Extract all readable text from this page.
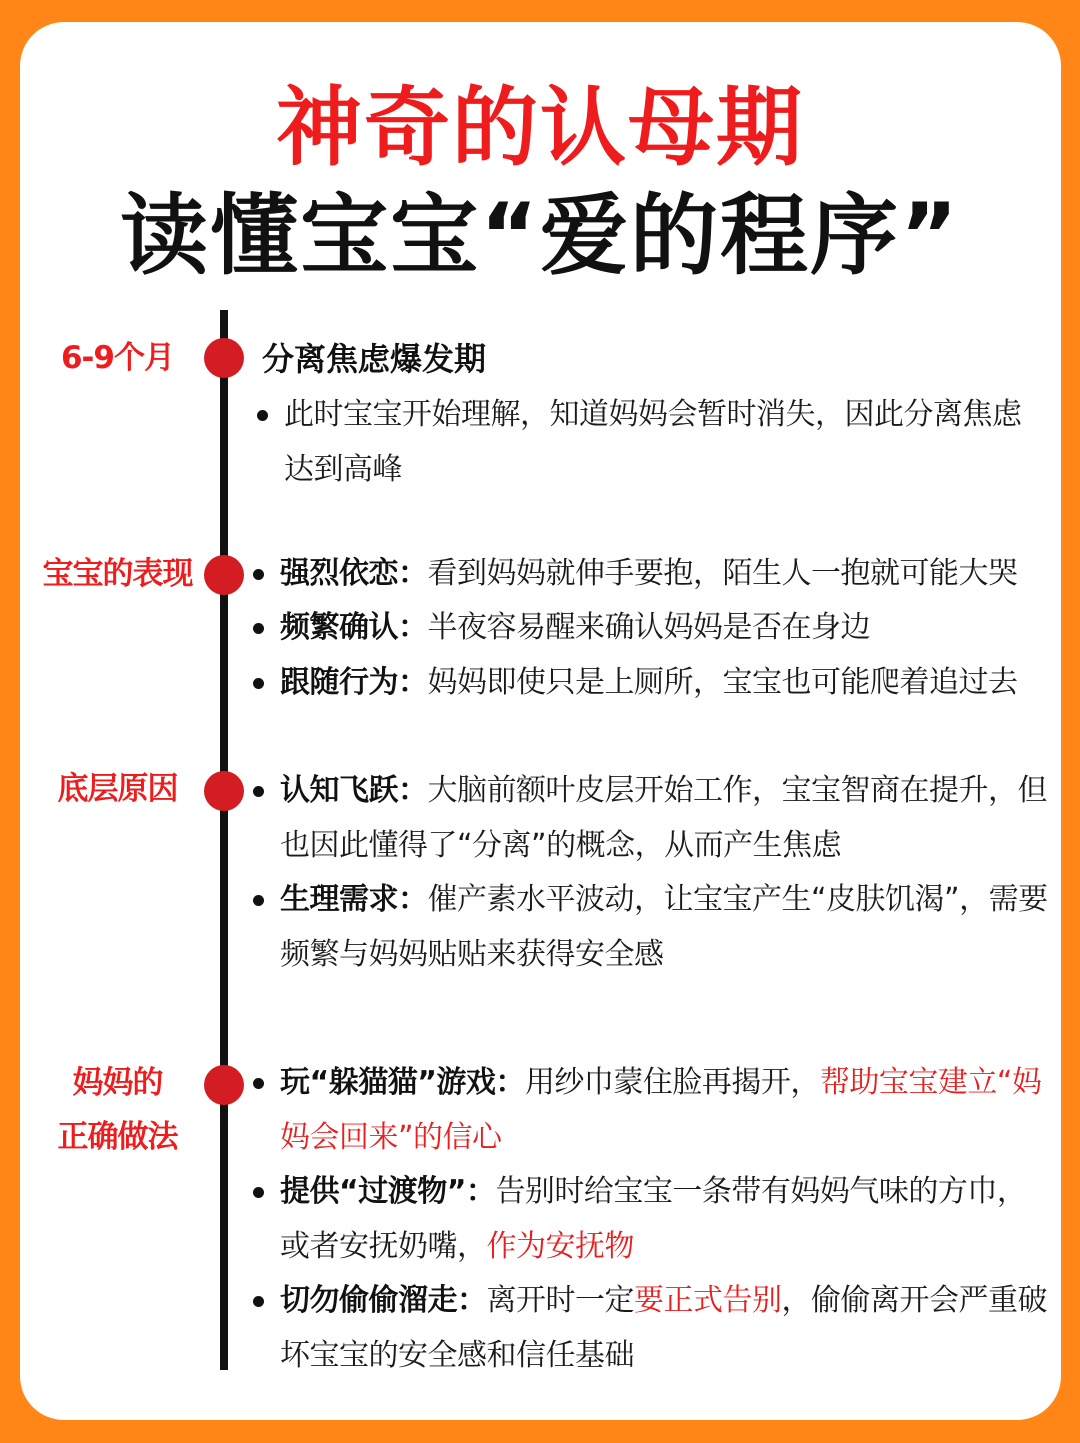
神奇的认母期
读懂宝宝“爱的程序”
6-9个月	分离焦虑爆发期
此时宝宝开始理解，知道妈妈会暂时消失，因此分离焦虑达到高峰
宝宝的表现	强烈依恋：看到妈妈就伸手要抱，陌生人一抱就可能大哭
频繁确认：半夜容易醒来确认妈妈是否在身边
跟随行为：妈妈即使只是上厕所，宝宝也可能爬着追过去
底层原因	认知飞跃：大脑前额叶皮层开始工作，宝宝智商在提升，但也因此懂得了“分离”的概念，从而产生焦虑
生理需求：催产素水平波动，让宝宝产生“皮肤饥渴”，需要频繁与妈妈贴贴来获得安全感
妈妈的
正确做法
玩“躲猫猫”游戏：用纱巾蒙住脸再揭开，帮助宝宝建立“妈妈会回来”的信心
提供“过渡物”：告别时给宝宝一条带有妈妈气味的方巾，或者安抚奶嘴，作为安抚物
切勿偷偷溜走：离开时一定要正式告别，偷偷离开会严重破坏宝宝的安全感和信任基础
